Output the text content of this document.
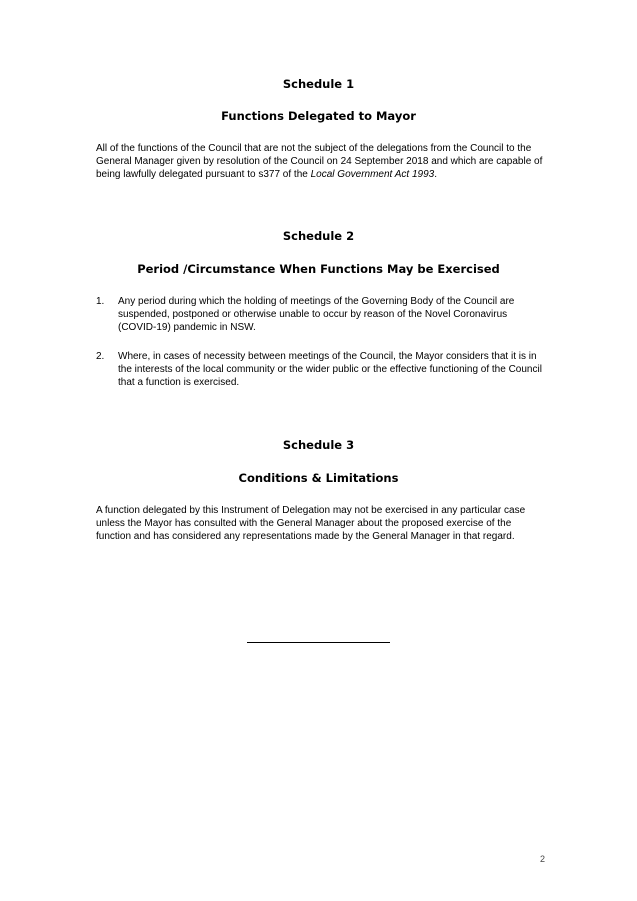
Schedule 1
Functions Delegated to Mayor

All of the functions of the Council that are not the subject of the delegations from the Council to the General Manager given by resolution of the Council on 24 September 2018 and which are capable of being lawfully delegated pursuant to s377 of the Local Government Act 1993.

Schedule 2
Period /Circumstance When Functions May be Exercised
1.	Any period during which the holding of meetings of the Governing Body of the Council are suspended, postponed or otherwise unable to occur by reason of the Novel Coronavirus (COVID-19) pandemic in NSW.
2.	Where, in cases of necessity between meetings of the Council, the Mayor considers that it is in the interests of the local community or the wider public or the effective functioning of the Council that a function is exercised.
Schedule 3
Conditions & Limitations

A function delegated by this Instrument of Delegation may not be exercised in any particular case unless the Mayor has consulted with the General Manager about the proposed exercise of the function and has considered any representations made by the General Manager in that regard.

2
